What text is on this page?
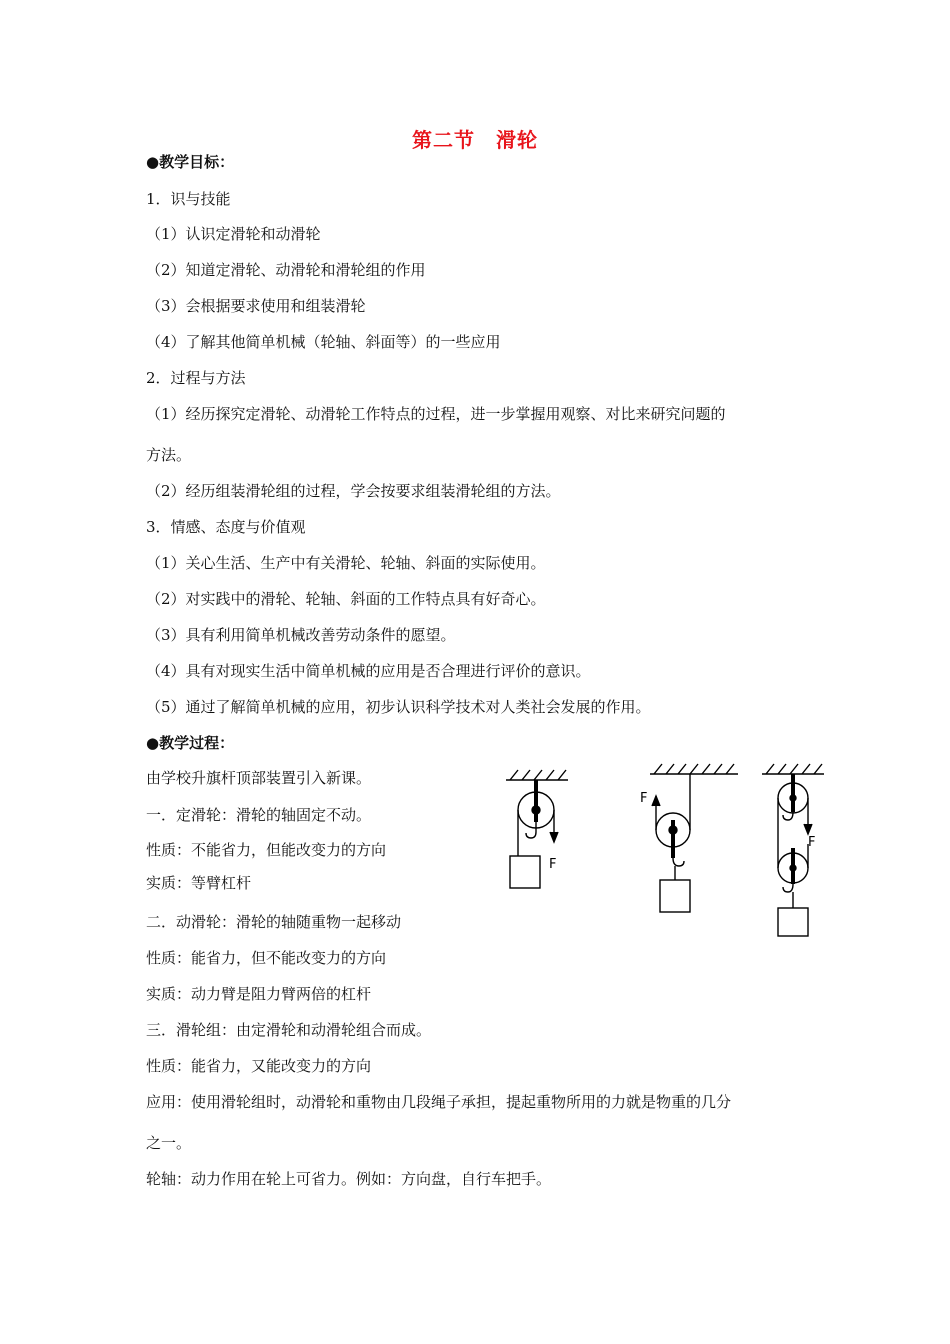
第二节　滑轮
●教学目标：
1．识与技能
（1）认识定滑轮和动滑轮
（2）知道定滑轮、动滑轮和滑轮组的作用
（3）会根据要求使用和组装滑轮
（4）了解其他简单机械（轮轴、斜面等）的一些应用
2．过程与方法
（1）经历探究定滑轮、动滑轮工作特点的过程，进一步掌握用观察、对比来研究问题的
方法。
（2）经历组装滑轮组的过程，学会按要求组装滑轮组的方法。
3．情感、态度与价值观
（1）关心生活、生产中有关滑轮、轮轴、斜面的实际使用。
（2）对实践中的滑轮、轮轴、斜面的工作特点具有好奇心。
（3）具有利用简单机械改善劳动条件的愿望。
（4）具有对现实生活中简单机械的应用是否合理进行评价的意识。
（5）通过了解简单机械的应用，初步认识科学技术对人类社会发展的作用。
●教学过程：
由学校升旗杆顶部装置引入新课。
一．定滑轮：滑轮的轴固定不动。
性质：不能省力，但能改变力的方向
实质：等臂杠杆
二．动滑轮：滑轮的轴随重物一起移动
性质：能省力，但不能改变力的方向
实质：动力臂是阻力臂两倍的杠杆
三．滑轮组：由定滑轮和动滑轮组合而成。
性质：能省力，又能改变力的方向
应用：使用滑轮组时，动滑轮和重物由几段绳子承担，提起重物所用的力就是物重的几分
之一。
轮轴：动力作用在轮上可省力。例如：方向盘，自行车把手。
F
F
F
